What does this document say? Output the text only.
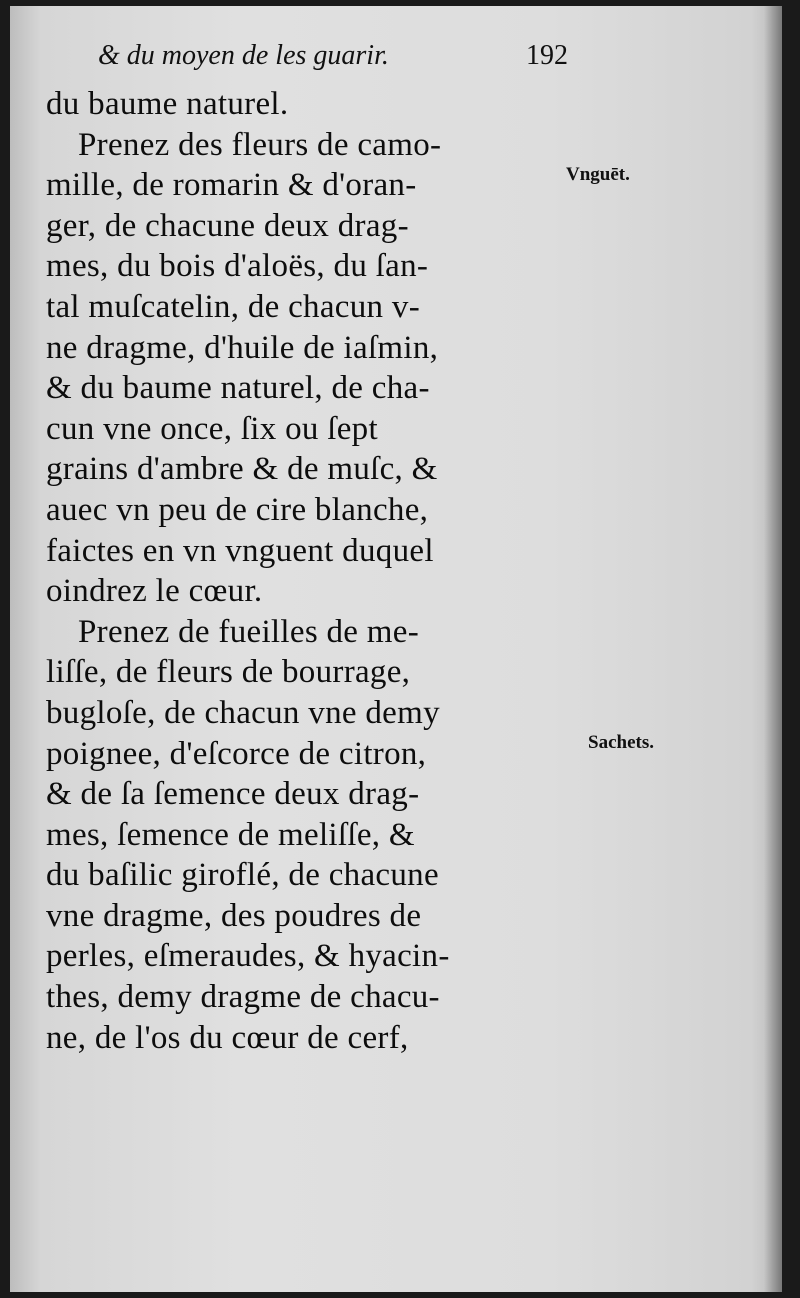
& du moyen de les guarir.	192
Vnguēt.
Sachets.
du baume naturel.
Prenez des fleurs de camo-
mille, de romarin & d'oran-
ger, de chacune deux drag-
mes, du bois d'aloës, du ſan-
tal muſcatelin, de chacun v-
ne dragme, d'huile de iaſmin,
& du baume naturel, de cha-
cun vne once, ſix ou ſept
grains d'ambre & de muſc, &
auec vn peu de cire blanche,
faictes en vn vnguent duquel
oindrez le cœur.
Prenez de fueilles de me-
liſſe, de fleurs de bourrage,
bugloſe, de chacun vne demy
poignee, d'eſcorce de citron,
& de ſa ſemence deux drag-
mes, ſemence de meliſſe, &
du baſilic giroflé, de chacune
vne dragme, des poudres de
perles, eſmeraudes, & hyacin-
thes, demy dragme de chacu-
ne, de l'os du cœur de cerf,
